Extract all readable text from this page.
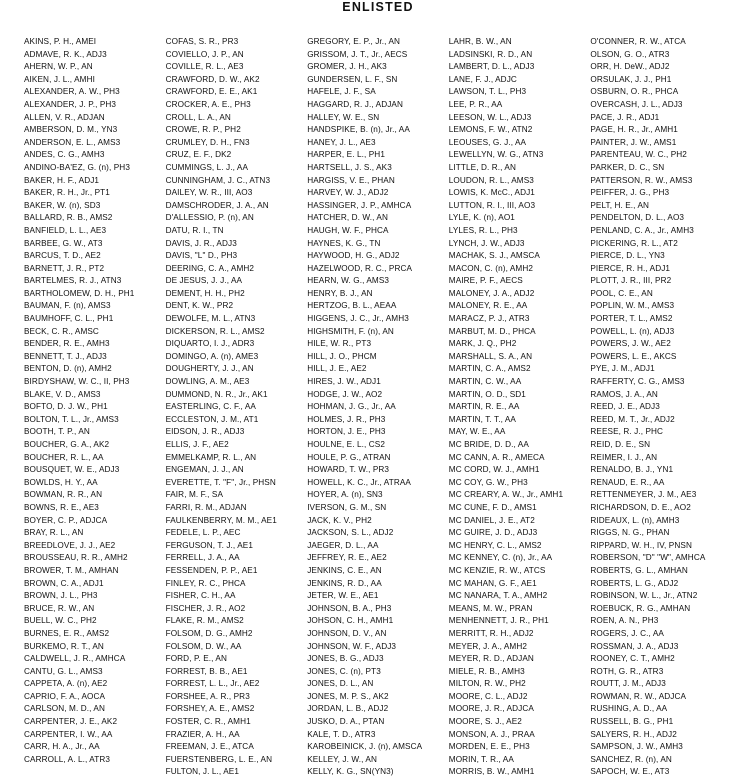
ENLISTED
AKINS, P. H., AMEI
ADMAVE, R. K., ADJ3
AHERN, W. P., AN
AIKEN, J. L., AMHI
ALEXANDER, A. W., PH3
ALEXANDER, J. P., PH3
ALLEN, V. R., ADJAN
AMBERSON, D. M., YN3
ANDERSON, E. L., AMS3
ANDES, C. G., AMH3
ANDINO-BA'EZ, G. (n), PH3
BAKER, H. F., ADJ1
BAKER, R. H., Jr., PT1
BAKER, W. (n), SD3
BALLARD, R. B., AMS2
BANFIELD, L. L., AE3
BARBEE, G. W., AT3
BARCUS, T. D., AE2
BARNETT, J. R., PT2
BARTELMES, R. J., ATN3
BARTHOLOMEW, D. H., PH1
BAUMAN, F. (n), AMS3
BAUMHOFF, C. L., PH1
BECK, C. R., AMSC
BENDER, R. E., AMH3
BENNETT, T. J., ADJ3
BENTON, D. (n), AMH2
BIRDYSHAW, W. C., II, PH3
BLAKE, V. D., AMS3
BOFTO, D. J. W., PH1
BOLTON, T. L., Jr., AMS3
BOOTH, T. P., AN
BOUCHER, G. A., AK2
BOUCHER, R. L., AA
BOUSQUET, W. E., ADJ3
BOWLDS, H. Y., AA
BOWMAN, R. R., AN
BOWNS, R. E., AE3
BOYER, C. P., ADJCA
BRAY, R. L., AN
BREEDLOVE, J. J., AE2
BROUSSEAU, R. R., AMH2
BROWER, T. M., AMHAN
BROWN, C. A., ADJ1
BROWN, J. L., PH3
BRUCE, R. W., AN
BUELL, W. C., PH2
BURNES, E. R., AMS2
BURKEMO, R. T., AN
CALDWELL, J. R., AMHCA
CANTU, G. L., AMS3
CAPPETA, A. (n), AE2
CAPRIO, F. A., AOCA
CARLSON, M. D., AN
CARPENTER, J. E., AK2
CARPENTER, I. W., AA
CARR, H. A., Jr., AA
CARROLL, A. L., ATR3
COFAS, S. R., PR3
COVIELLO, J. P., AN
COVILLE, R. L., AE3
CRAWFORD, D. W., AK2
CRAWFORD, E. E., AK1
CROCKER, A. E., PH3
CROLL, L. A., AN
CROWE, R. P., PH2
CRUMLEY, D. H., FN3
CRUZ, E. F., DK2
CUMMINGS, L. J., AA
CUNNINGHAM, J. C., ATN3
DAILEY, W. R., III, AO3
DAMSCHRODER, J. A., AN
D'ALLESSIO, P. (n), AN
DATU, R. I., TN
DAVIS, J. R., ADJ3
DAVIS, "L" D., PH3
DEERING, C. A., AMH2
DE JESUS, J. J., AA
DEMENT, H. H., PH2
DENT, K. W., PR2
DEWOLFE, M. L., ATN3
DICKERSON, R. L., AMS2
DIQUARTO, I. J., ADR3
DOMINGO, A. (n), AME3
DOUGHERTY, J. J., AN
DOWLING, A. M., AE3
DUMMOND, N. R., Jr., AK1
EASTERLING, C. F., AA
ECCLESTON, J. M., AT1
EIDSON, J. R., ADJ3
ELLIS, J. F., AE2
EMMELKAMP, R. L., AN
ENGEMAN, J. J., AN
EVERETTE, T. "F", Jr., PHSN
FAIR, M. F., SA
FARRI, R. M., ADJAN
FAULKENBERRY, M. M., AE1
FEDELE, L. P., AEC
FERGUSON, T. J., AE1
FERRELL, J. A., AA
FESSENDEN, P. P., AE1
FINLEY, R. C., PHCA
FISHER, C. H., AA
FISCHER, J. R., AO2
FLAKE, R. M., AMS2
FOLSOM, D. G., AMH2
FOLSOM, D. W., AA
FORD, P. E., AN
FORREST, B. B., AE1
FORREST, L. L., Jr., AE2
FORSHEE, A. R., PR3
FORSHEY, A. E., AMS2
FOSTER, C. R., AMH1
FRAZIER, A. H., AA
FREEMAN, J. E., ATCA
FUERSTENBERG, L. E., AN
FULTON, J. L., AE1
GREGORY, E. P., Jr., AN
GRISSOM, J. T., Jr., AECS
GROMER, J. H., AK3
GUNDERSEN, L. F., SN
HAFELE, J. F., SA
HAGGARD, R. J., ADJAN
HALLEY, W. E., SN
HANDSPIKE, B. (n), Jr., AA
HANEY, J. L., AE3
HARPER, E. L., PH1
HARTSELL, J. S., AK3
HARGISS, V. E., PHAN
HARVEY, W. J., ADJ2
HASSINGER, J. P., AMHCA
HATCHER, D. W., AN
HAUGH, W. F., PHCA
HAYNES, K. G., TN
HAYWOOD, H. G., ADJ2
HAZELWOOD, R. C., PRCA
HEARN, W. G., AMS3
HENRY, B. J., AN
HERTZOG, B. L., AEAA
HIGGENS, J. C., Jr., AMH3
HIGHSMITH, F. (n), AN
HILE, W. R., PT3
HILL, J. O., PHCM
HILL, J. E., AE2
HIRES, J. W., ADJ1
HODGE, J. W., AO2
HOHMAN, J. G., Jr., AA
HOLMES, J. R., PH3
HORTON, J. E., PH3
HOULNE, E. L., CS2
HOULE, P. G., ATRAN
HOWARD, T. W., PR3
HOWELL, K. C., Jr., ATRAA
HOYER, A. (n), SN3
IVERSON, G. M., SN
JACK, K. V., PH2
JACKSON, S. L., ADJ2
JAEGER, D. L., AA
JEFFREY, R. E., AE2
JENKINS, C. E., AN
JENKINS, R. D., AA
JETER, W. E., AE1
JOHNSON, B. A., PH3
JOHSON, C. H., AMH1
JOHNSON, D. V., AN
JOHNSON, W. F., ADJ3
JONES, B. G., ADJ3
JONES, C. (n), PT3
JONES, D. L., AN
JONES, M. P. S., AK2
JORDAN, L. B., ADJ2
JUSKO, D. A., PTAN
KALE, T. D., ATR3
KAROBEINICK, J. (n), AMSCA
KELLEY, J. W., AN
KELLY, K. G., SN(YN3)
LAHR, B. W., AN
LADSINSKI, R. D., AN
LAMBERT, D. L., ADJ3
LANE, F. J., ADJC
LAWSON, T. L., PH3
LEE, P. R., AA
LEESON, W. L., ADJ3
LEMONS, F. W., ATN2
LEOUSES, G. J., AA
LEWELLYN, W. G., ATN3
LITTLE, D. R., AN
LOUDON, R. L., AMS3
LOWIS, K. McC., ADJ1
LUTTON, R. I., III, AO3
LYLE, K. (n), AO1
LYLES, R. L., PH3
LYNCH, J. W., ADJ3
MACHAK, S. J., AMSCA
MACON, C. (n), AMH2
MAIRE, P. F., AECS
MALONEY, J. A., ADJ2
MALONEY, R. E., AA
MARACZ, P. J., ATR3
MARBUT, M. D., PHCA
MARK, J. Q., PH2
MARSHALL, S. A., AN
MARTIN, C. A., AMS2
MARTIN, C. W., AA
MARTIN, O. D., SD1
MARTIN, R. E., AA
MARTIN, T. T., AA
MAY, W. E., AA
MC BRIDE, D. D., AA
MC CANN, A. R., AMECA
MC CORD, W. J., AMH1
MC COY, G. W., PH3
MC CREARY, A. W., Jr., AMH1
MC CUNE, F. D., AMS1
MC DANIEL, J. E., AT2
MC GUIRE, J. D., ADJ3
MC HENRY, C. L., AMS2
MC KENNEY, C. (n), Jr., AA
MC KENZIE, R. W., ATCS
MC MAHAN, G. F., AE1
MC NANARA, T. A., AMH2
MEANS, M. W., PRAN
MENHENNETT, J. R., PH1
MERRITT, R. H., ADJ2
MEYER, J. A., AMH2
MEYER, R. D., ADJAN
MIELE, R. B., AMH3
MILTON, R. W., PH2
MOORE, C. L., ADJ2
MOORE, J. R., ADJCA
MOORE, S. J., AE2
MONSON, A. J., PRAA
MORDEN, E. E., PH3
MORIN, T. R., AA
MORRIS, B. W., AMH1
O'CONNER, R. W., ATCA
OLSON, G. O., ATR3
ORR, H. DeW., ADJ2
ORSULAK, J. J., PH1
OSBURN, O. R., PHCA
OVERCASH, J. L., ADJ3
PACE, J. R., ADJ1
PAGE, H. R., Jr., AMH1
PAINTER, J. W., AMS1
PARENTEAU, W. C., PH2
PARKER, D. C., SN
PATTERSON, R. W., AMS3
PEIFFER, J. G., PH3
PELT, H. E., AN
PENDELTON, D. L., AO3
PENLAND, C. A., Jr., AMH3
PICKERING, R. L., AT2
PIERCE, D. L., YN3
PIERCE, R. H., ADJ1
PLOTT, J. R., III, PR2
POOL, C. E., AN
POPLIN, W. M., AMS3
PORTER, T. L., AMS2
POWELL, L. (n), ADJ3
POWERS, J. W., AE2
POWERS, L. E., AKCS
PYE, J. M., ADJ1
RAFFERTY, C. G., AMS3
RAMOS, J. A., AN
REED, J. E., ADJ3
REED, M. T., Jr., ADJ2
REESE, R. J., PHC
REID, D. E., SN
REIMER, I. J., AN
RENALDO, B. J., YN1
RENAUD, E. R., AA
RETTENMEYER, J. M., AE3
RICHARDSON, D. E., AO2
RIDEAUX, L. (n), AMH3
RIGGS, N. G., PHAN
RIPPARD, W. H., IV, PNSN
ROBERSON, "D" "W", AMHCA
ROBERTS, G. L., AMHAN
ROBERTS, L. G., ADJ2
ROBINSON, W. L., Jr., ATN2
ROEBUCK, R. G., AMHAN
ROEN, A. N., PH3
ROGERS, J. C., AA
ROSSMAN, J. A., ADJ3
ROONEY, C. T., AMH2
ROTH, G. R., ATR3
ROUTT, J. M., ADJ3
ROWMAN, R. W., ADJCA
RUSHING, A. D., AA
RUSSELL, B. G., PH1
SALYERS, R. H., ADJ2
SAMPSON, J. W., AMH3
SANCHEZ, R. (n), AN
SAPOCH, W. E., AT3
